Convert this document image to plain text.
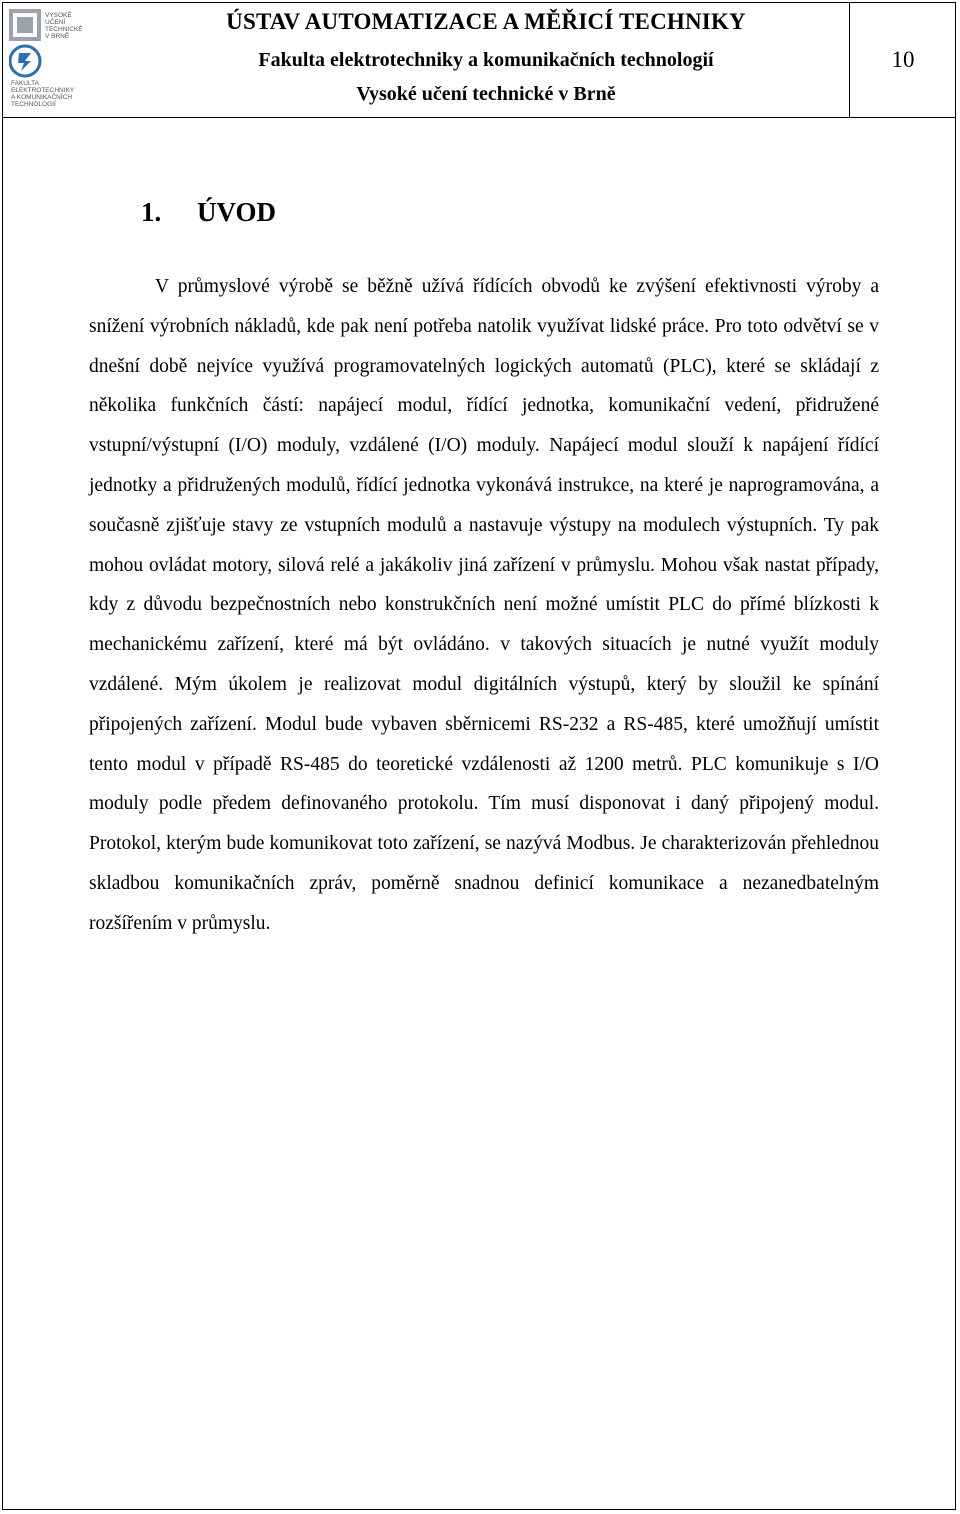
VYSOKÉ
UČENÍ
TECHNICKÉ
V BRNĚ
FAKULTA
ELEKTROTECHNIKY
A KOMUNIKAČNÍCH
TECHNOLOGIÍ
ÚSTAV AUTOMATIZACE A MĚŘICÍ TECHNIKY
Fakulta elektrotechniky a komunikačních technologií
Vysoké učení technické v Brně
10
1. ÚVOD

V průmyslové výrobě se běžně užívá řídících obvodů ke zvýšení efektivnosti výroby a snížení výrobních nákladů, kde pak není potřeba natolik využívat lidské práce. Pro toto odvětví se v dnešní době nejvíce využívá programovatelných logických automatů (PLC), které se skládají z několika funkčních částí: napájecí modul, řídící jednotka, komunikační vedení, přidružené vstupní/výstupní (I/O) moduly, vzdálené (I/O) moduly. Napájecí modul slouží k napájení řídící jednotky a přidružených modulů, řídící jednotka vykonává instrukce, na které je naprogramována, a současně zjišťuje stavy ze vstupních modulů a nastavuje výstupy na modulech výstupních. Ty pak mohou ovládat motory, silová relé a jakákoliv jiná zařízení v průmyslu. Mohou však nastat případy, kdy z důvodu bezpečnostních nebo konstrukčních není možné umístit PLC do přímé blízkosti k mechanickému zařízení, které má být ovládáno. v takových situacích je nutné využít moduly vzdálené. Mým úkolem je realizovat modul digitálních výstupů, který by sloužil ke spínání připojených zařízení. Modul bude vybaven sběrnicemi RS-232 a RS-485, které umožňují umístit tento modul v případě RS-485 do teoretické vzdálenosti až 1200 metrů. PLC komunikuje s I/O moduly podle předem definovaného protokolu. Tím musí disponovat i daný připojený modul. Protokol, kterým bude komunikovat toto zařízení, se nazývá Modbus. Je charakterizován přehlednou skladbou komunikačních zpráv, poměrně snadnou definicí komunikace a nezanedbatelným rozšířením v průmyslu.
